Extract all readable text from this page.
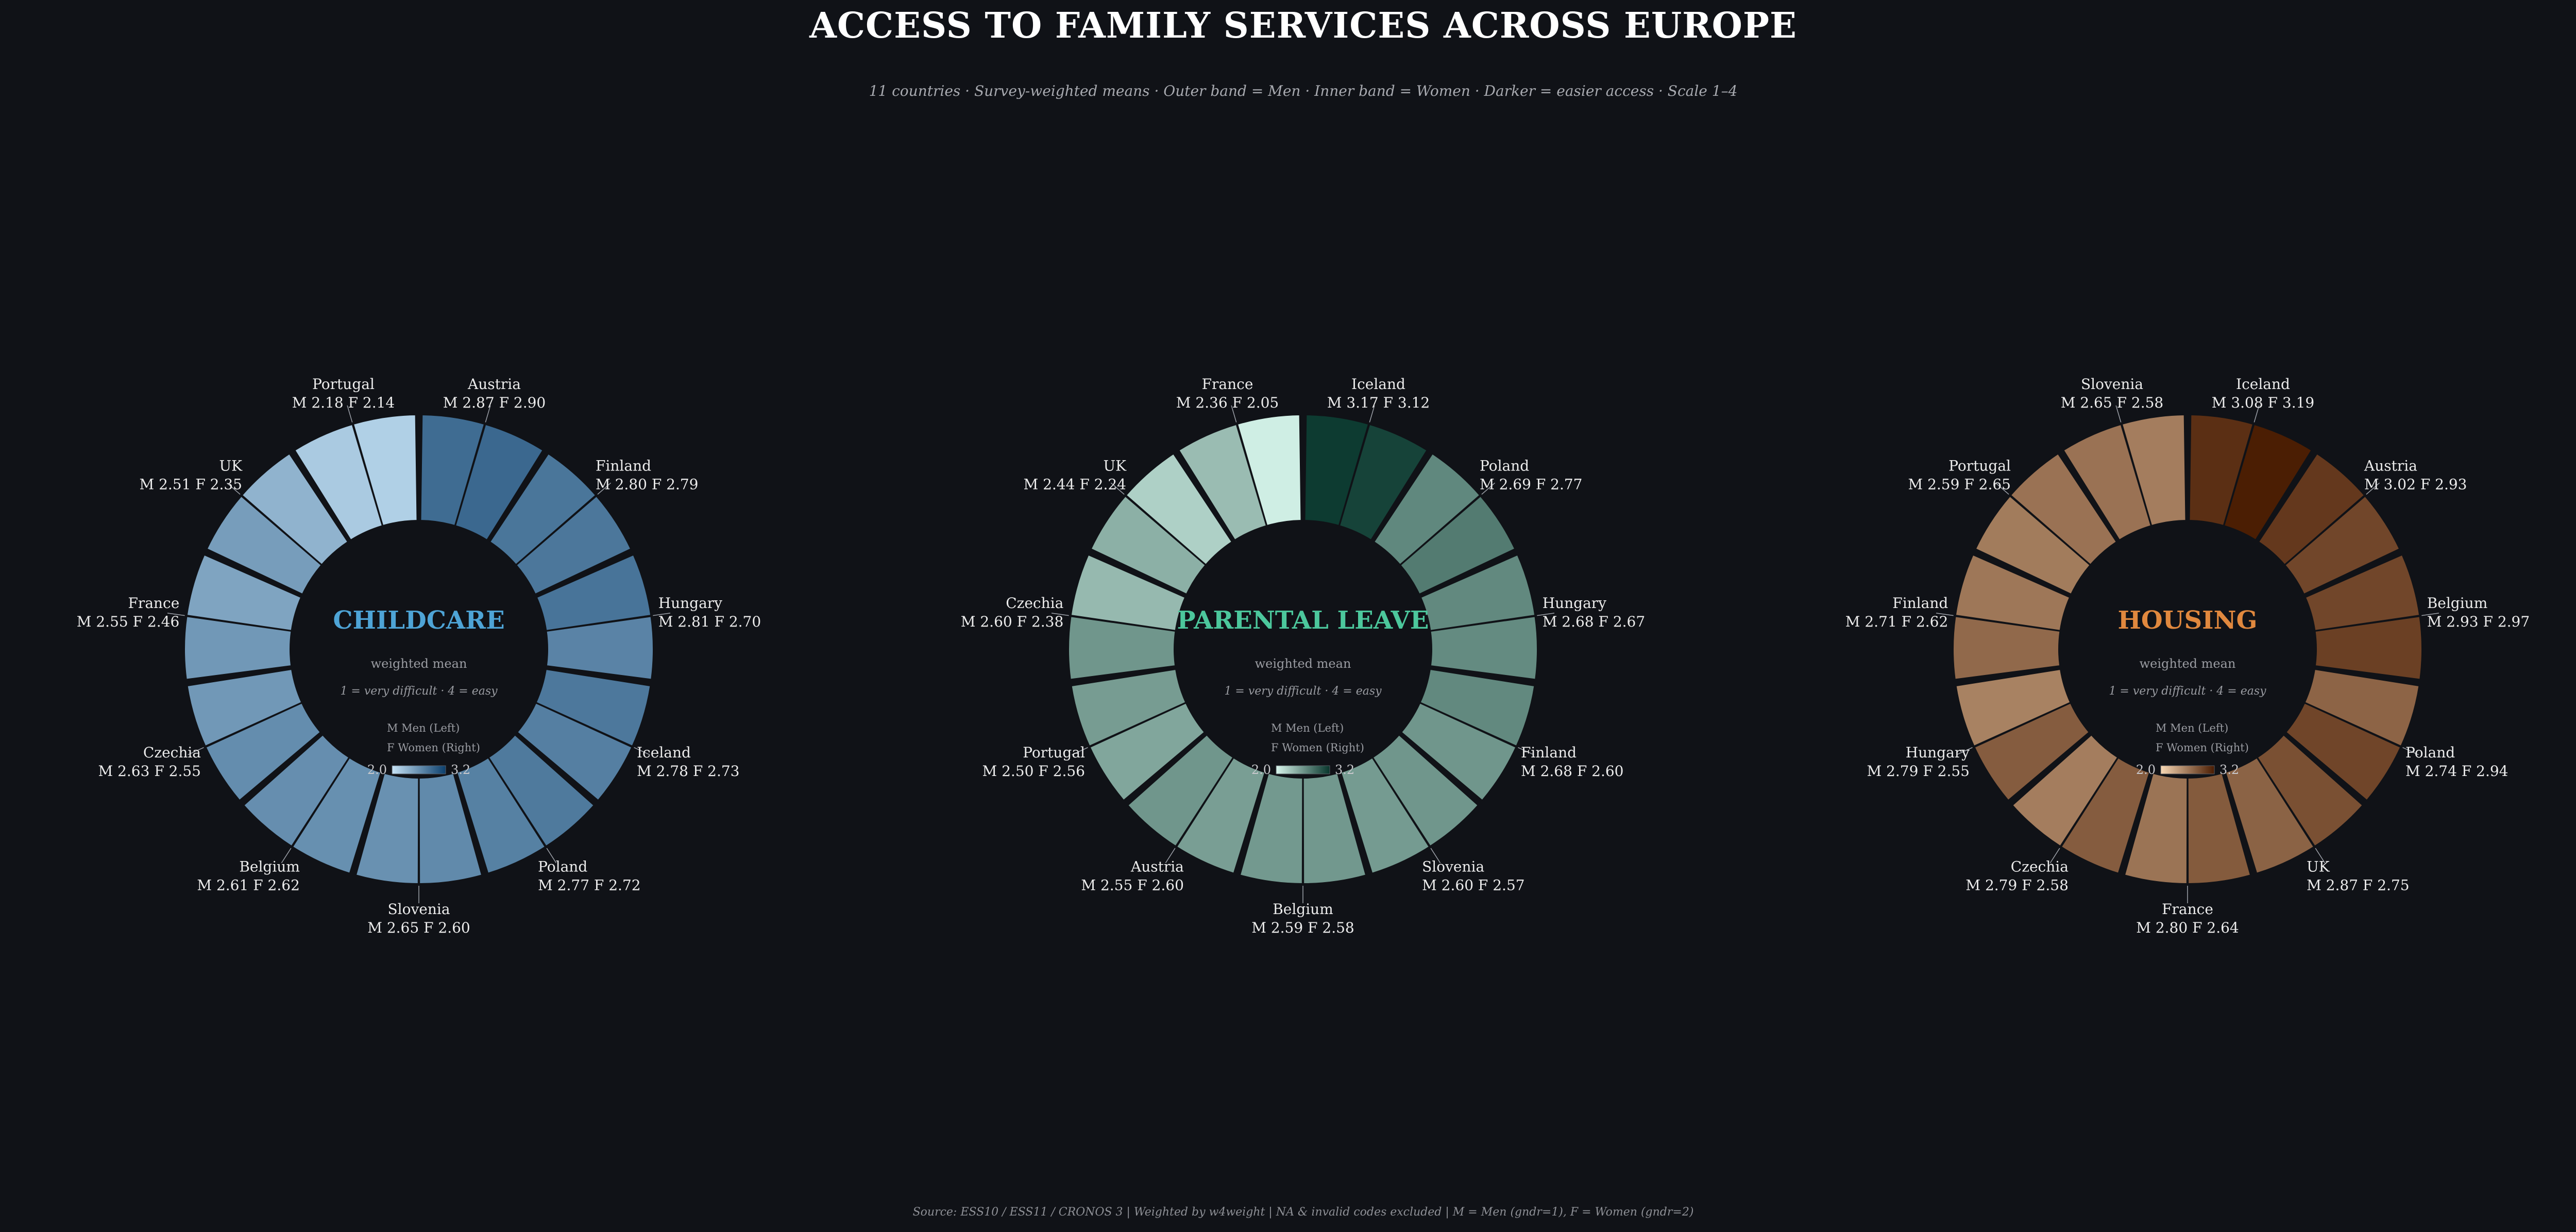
ACCESS TO FAMILY SERVICES ACROSS EUROPE
11 countries · Survey-weighted means · Outer band = Men · Inner band = Women · Darker = easier access · Scale 1–4
Austria
M 2.87 F 2.90
Finland
M 2.80 F 2.79
Hungary
M 2.81 F 2.70
Iceland
M 2.78 F 2.73
Poland
M 2.77 F 2.72
Slovenia
M 2.65 F 2.60
Belgium
M 2.61 F 2.62
Czechia
M 2.63 F 2.55
France
M 2.55 F 2.46
UK
M 2.51 F 2.35
Portugal
M 2.18 F 2.14
CHILDCARE
weighted mean
1 = very difficult · 4 = easy
M Men (Left)
F Women (Right)
2.0	3.2
Iceland
M 3.17 F 3.12
Poland
M 2.69 F 2.77
Hungary
M 2.68 F 2.67
Finland
M 2.68 F 2.60
Slovenia
M 2.60 F 2.57
Belgium
M 2.59 F 2.58
Austria
M 2.55 F 2.60
Portugal
M 2.50 F 2.56
Czechia
M 2.60 F 2.38
UK
M 2.44 F 2.24
France
M 2.36 F 2.05
PARENTAL LEAVE
weighted mean
1 = very difficult · 4 = easy
M Men (Left)
F Women (Right)
2.0	3.2
Iceland
M 3.08 F 3.19
Austria
M 3.02 F 2.93
Belgium
M 2.93 F 2.97
Poland
M 2.74 F 2.94
UK
M 2.87 F 2.75
France
M 2.80 F 2.64
Czechia
M 2.79 F 2.58
Hungary
M 2.79 F 2.55
Finland
M 2.71 F 2.62
Portugal
M 2.59 F 2.65
Slovenia
M 2.65 F 2.58
HOUSING
weighted mean
1 = very difficult · 4 = easy
M Men (Left)
F Women (Right)
2.0	3.2
Source: ESS10 / ESS11 / CRONOS 3 | Weighted by w4weight | NA & invalid codes excluded | M = Men (gndr=1), F = Women (gndr=2)
